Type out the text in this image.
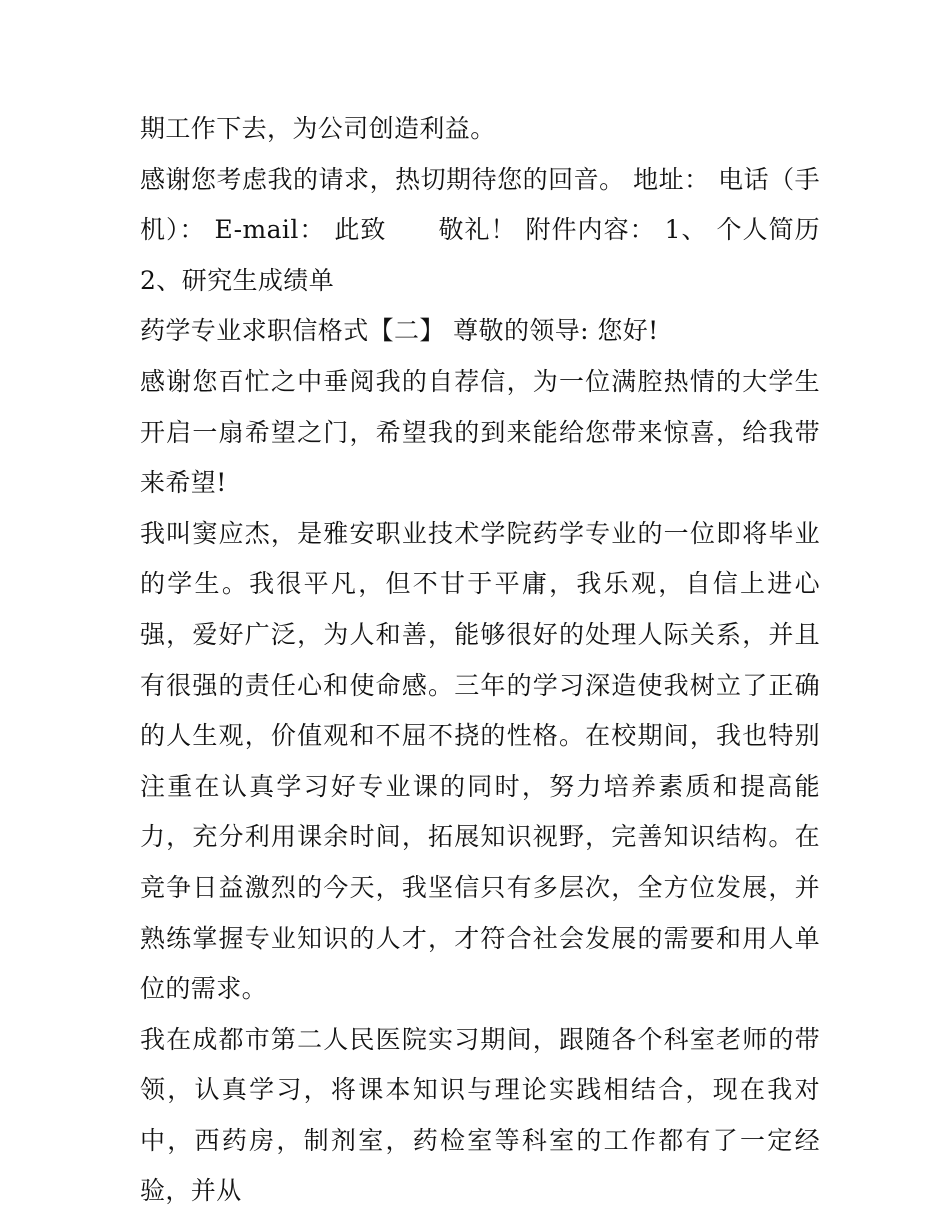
期工作下去，为公司创造利益。

感谢您考虑我的请求，热切期待您的回音。 地址： 电话（手机）： E-mail： 此致　　敬礼！ 附件内容： 1、 个人简历 2、研究生成绩单

药学专业求职信格式【二】 尊敬的领导: 您好!

感谢您百忙之中垂阅我的自荐信，为一位满腔热情的大学生开启一扇希望之门，希望我的到来能给您带来惊喜，给我带来希望!

我叫窦应杰，是雅安职业技术学院药学专业的一位即将毕业的学生。我很平凡，但不甘于平庸，我乐观，自信上进心强，爱好广泛，为人和善，能够很好的处理人际关系，并且有很强的责任心和使命感。三年的学习深造使我树立了正确的人生观，价值观和不屈不挠的性格。在校期间，我也特别注重在认真学习好专业课的同时，努力培养素质和提高能力，充分利用课余时间，拓展知识视野，完善知识结构。在竞争日益激烈的今天，我坚信只有多层次，全方位发展，并熟练掌握专业知识的人才，才符合社会发展的需要和用人单位的需求。

我在成都市第二人民医院实习期间，跟随各个科室老师的带领，认真学习，将课本知识与理论实践相结合，现在我对中，西药房，制剂室，药检室等科室的工作都有了一定经验，并从
